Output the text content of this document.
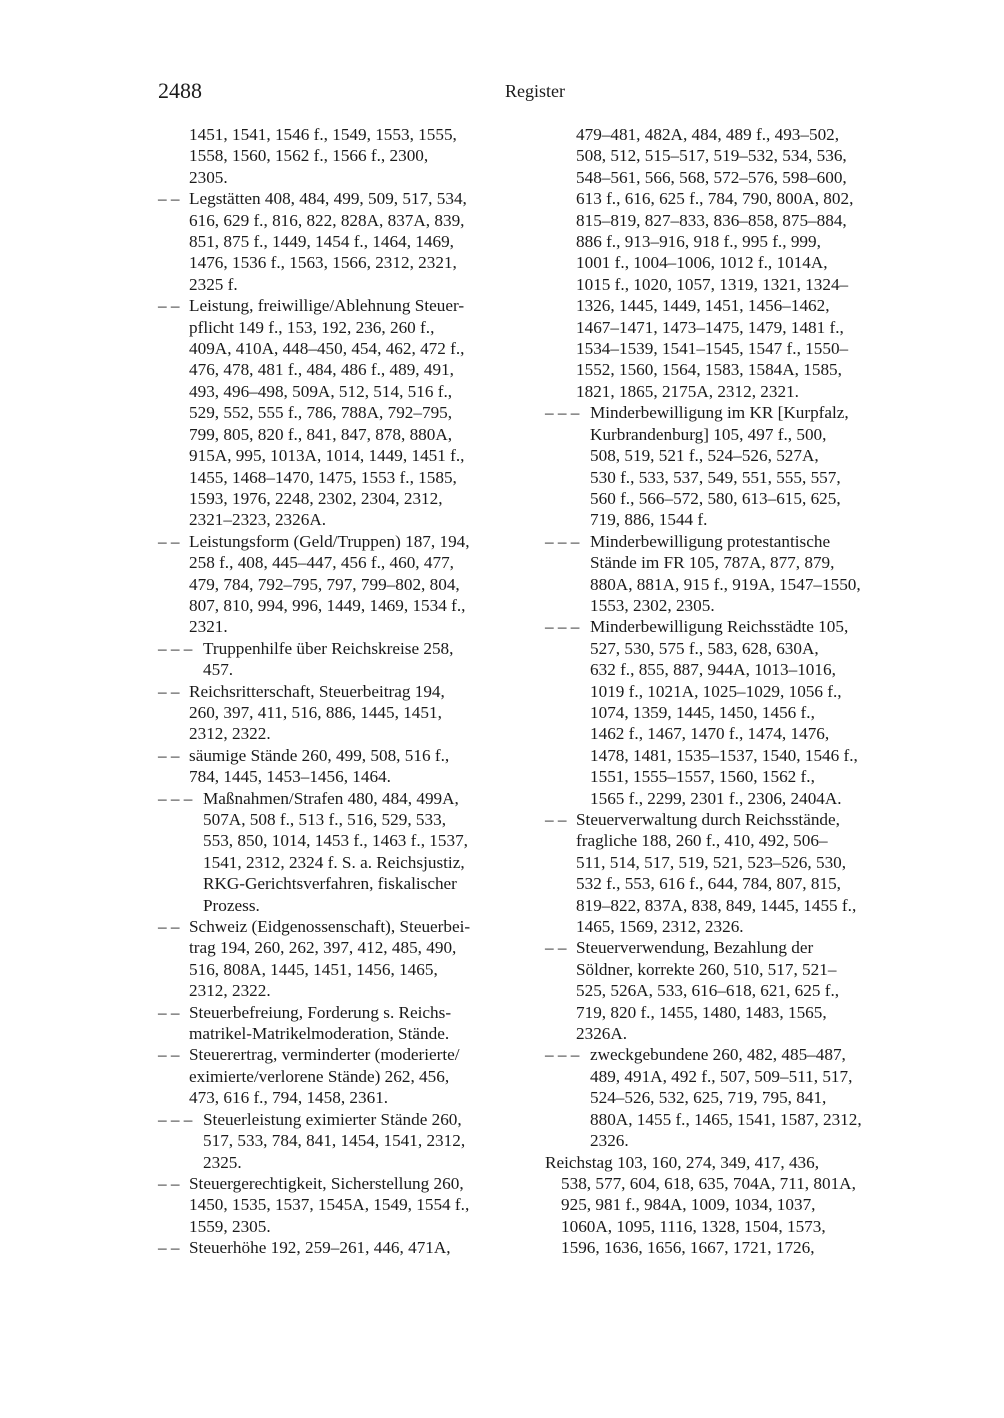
2488	Register
1451, 1541, 1546 f., 1549, 1553, 1555,
1558, 1560, 1562 f., 1566 f., 2300,
2305.
– – Legstätten 408, 484, 499, 509, 517, 534,
616, 629 f., 816, 822, 828A, 837A, 839,
851, 875 f., 1449, 1454 f., 1464, 1469,
1476, 1536 f., 1563, 1566, 2312, 2321,
2325 f.
– – Leistung, freiwillige/Ablehnung Steuer-
pflicht 149 f., 153, 192, 236, 260 f.,
409A, 410A, 448–450, 454, 462, 472 f.,
476, 478, 481 f., 484, 486 f., 489, 491,
493, 496–498, 509A, 512, 514, 516 f.,
529, 552, 555 f., 786, 788A, 792–795,
799, 805, 820 f., 841, 847, 878, 880A,
915A, 995, 1013A, 1014, 1449, 1451 f.,
1455, 1468–1470, 1475, 1553 f., 1585,
1593, 1976, 2248, 2302, 2304, 2312,
2321–2323, 2326A.
– – Leistungsform (Geld/Truppen) 187, 194,
258 f., 408, 445–447, 456 f., 460, 477,
479, 784, 792–795, 797, 799–802, 804,
807, 810, 994, 996, 1449, 1469, 1534 f.,
2321.
– – – Truppenhilfe über Reichskreise 258,
457.
– – Reichsritterschaft, Steuerbeitrag 194,
260, 397, 411, 516, 886, 1445, 1451,
2312, 2322.
– – säumige Stände 260, 499, 508, 516 f.,
784, 1445, 1453–1456, 1464.
– – – Maßnahmen/Strafen 480, 484, 499A,
507A, 508 f., 513 f., 516, 529, 533,
553, 850, 1014, 1453 f., 1463 f., 1537,
1541, 2312, 2324 f. S. a. Reichsjustiz,
RKG-Gerichtsverfahren, fiskalischer
Prozess.
– – Schweiz (Eidgenossenschaft), Steuerbei-
trag 194, 260, 262, 397, 412, 485, 490,
516, 808A, 1445, 1451, 1456, 1465,
2312, 2322.
– – Steuerbefreiung, Forderung s. Reichs-
matrikel-Matrikelmoderation, Stände.
– – Steuerertrag, verminderter (moderierte/
eximierte/verlorene Stände) 262, 456,
473, 616 f., 794, 1458, 2361.
– – – Steuerleistung eximierter Stände 260,
517, 533, 784, 841, 1454, 1541, 2312,
2325.
– – Steuergerechtigkeit, Sicherstellung 260,
1450, 1535, 1537, 1545A, 1549, 1554 f.,
1559, 2305.
– – Steuerhöhe 192, 259–261, 446, 471A,
479–481, 482A, 484, 489 f., 493–502,
508, 512, 515–517, 519–532, 534, 536,
548–561, 566, 568, 572–576, 598–600,
613 f., 616, 625 f., 784, 790, 800A, 802,
815–819, 827–833, 836–858, 875–884,
886 f., 913–916, 918 f., 995 f., 999,
1001 f., 1004–1006, 1012 f., 1014A,
1015 f., 1020, 1057, 1319, 1321, 1324–
1326, 1445, 1449, 1451, 1456–1462,
1467–1471, 1473–1475, 1479, 1481 f.,
1534–1539, 1541–1545, 1547 f., 1550–
1552, 1560, 1564, 1583, 1584A, 1585,
1821, 1865, 2175A, 2312, 2321.
– – – Minderbewilligung im KR [Kurpfalz,
Kurbrandenburg] 105, 497 f., 500,
508, 519, 521 f., 524–526, 527A,
530 f., 533, 537, 549, 551, 555, 557,
560 f., 566–572, 580, 613–615, 625,
719, 886, 1544 f.
– – – Minderbewilligung protestantische
Stände im FR 105, 787A, 877, 879,
880A, 881A, 915 f., 919A, 1547–1550,
1553, 2302, 2305.
– – – Minderbewilligung Reichsstädte 105,
527, 530, 575 f., 583, 628, 630A,
632 f., 855, 887, 944A, 1013–1016,
1019 f., 1021A, 1025–1029, 1056 f.,
1074, 1359, 1445, 1450, 1456 f.,
1462 f., 1467, 1470 f., 1474, 1476,
1478, 1481, 1535–1537, 1540, 1546 f.,
1551, 1555–1557, 1560, 1562 f.,
1565 f., 2299, 2301 f., 2306, 2404A.
– – Steuerverwaltung durch Reichsstände,
fragliche 188, 260 f., 410, 492, 506–
511, 514, 517, 519, 521, 523–526, 530,
532 f., 553, 616 f., 644, 784, 807, 815,
819–822, 837A, 838, 849, 1445, 1455 f.,
1465, 1569, 2312, 2326.
– – Steuerverwendung, Bezahlung der
Söldner, korrekte 260, 510, 517, 521–
525, 526A, 533, 616–618, 621, 625 f.,
719, 820 f., 1455, 1480, 1483, 1565,
2326A.
– – – zweckgebundene 260, 482, 485–487,
489, 491A, 492 f., 507, 509–511, 517,
524–526, 532, 625, 719, 795, 841,
880A, 1455 f., 1465, 1541, 1587, 2312,
2326.
Reichstag 103, 160, 274, 349, 417, 436,
538, 577, 604, 618, 635, 704A, 711, 801A,
925, 981 f., 984A, 1009, 1034, 1037,
1060A, 1095, 1116, 1328, 1504, 1573,
1596, 1636, 1656, 1667, 1721, 1726,
